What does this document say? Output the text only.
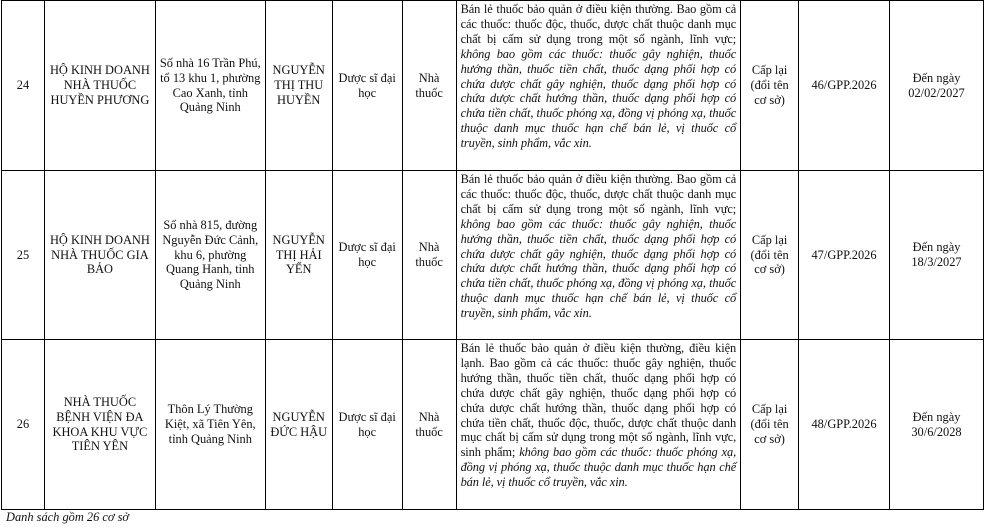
24	HỘ KINH DOANH NHÀ THUỐC HUYỀN PHƯƠNG	Số nhà 16 Trần Phú, tổ 13 khu 1, phường Cao Xanh, tỉnh Quảng Ninh	NGUYỄN THỊ THU HUYỀN	Dược sĩ đại học	Nhà thuốc	Bán lẻ thuốc bảo quản ở điều kiện thường. Bao gồm cả các thuốc: thuốc độc, thuốc, dược chất thuộc danh mục chất bị cấm sử dụng trong một số ngành, lĩnh vực; không bao gồm các thuốc: thuốc gây nghiện, thuốc hướng thần, thuốc tiền chất, thuốc dạng phối hợp có chứa dược chất gây nghiện, thuốc dạng phối hợp có chứa dược chất hướng thần, thuốc dạng phối hợp có chứa tiền chất, thuốc phóng xạ, đồng vị phóng xạ, thuốc thuộc danh mục thuốc hạn chế bán lẻ, vị thuốc cổ truyền, sinh phẩm, vắc xin.	Cấp lại (đổi tên cơ sở)	46/GPP.2026	Đến ngày 02/02/2027
25	HỘ KINH DOANH NHÀ THUỐC GIA BẢO	Số nhà 815, đường Nguyễn Đức Cảnh, khu 6, phường Quang Hanh, tỉnh Quảng Ninh	NGUYỄN THỊ HẢI YẾN	Dược sĩ đại học	Nhà thuốc	Bán lẻ thuốc bảo quản ở điều kiện thường. Bao gồm cả các thuốc: thuốc độc, thuốc, dược chất thuộc danh mục chất bị cấm sử dụng trong một số ngành, lĩnh vực; không bao gồm các thuốc: thuốc gây nghiện, thuốc hướng thần, thuốc tiền chất, thuốc dạng phối hợp có chứa dược chất gây nghiện, thuốc dạng phối hợp có chứa dược chất hướng thần, thuốc dạng phối hợp có chứa tiền chất, thuốc phóng xạ, đồng vị phóng xạ, thuốc thuộc danh mục thuốc hạn chế bán lẻ, vị thuốc cổ truyền, sinh phẩm, vắc xin.	Cấp lại (đổi tên cơ sở)	47/GPP.2026	Đến ngày 18/3/2027
26	NHÀ THUỐC BỆNH VIỆN ĐA KHOA KHU VỰC TIÊN YÊN	Thôn Lý Thường Kiệt, xã Tiên Yên, tỉnh Quảng Ninh	NGUYỄN ĐỨC HẬU	Dược sĩ đại học	Nhà thuốc	Bán lẻ thuốc bảo quản ở điều kiện thường, điều kiện lạnh. Bao gồm cả các thuốc: thuốc gây nghiện, thuốc hướng thần, thuốc tiền chất, thuốc dạng phối hợp có chứa dược chất gây nghiện, thuốc dạng phối hợp có chứa dược chất hướng thần, thuốc dạng phối hợp có chứa tiền chất, thuốc độc, thuốc, dược chất thuộc danh mục chất bị cấm sử dụng trong một số ngành, lĩnh vực, sinh phẩm; không bao gồm các thuốc: thuốc phóng xạ, đồng vị phóng xạ, thuốc thuộc danh mục thuốc hạn chế bán lẻ, vị thuốc cổ truyền, vắc xin.	Cấp lại (đổi tên cơ sở)	48/GPP.2026	Đến ngày 30/6/2028
Danh sách gồm 26 cơ sở
